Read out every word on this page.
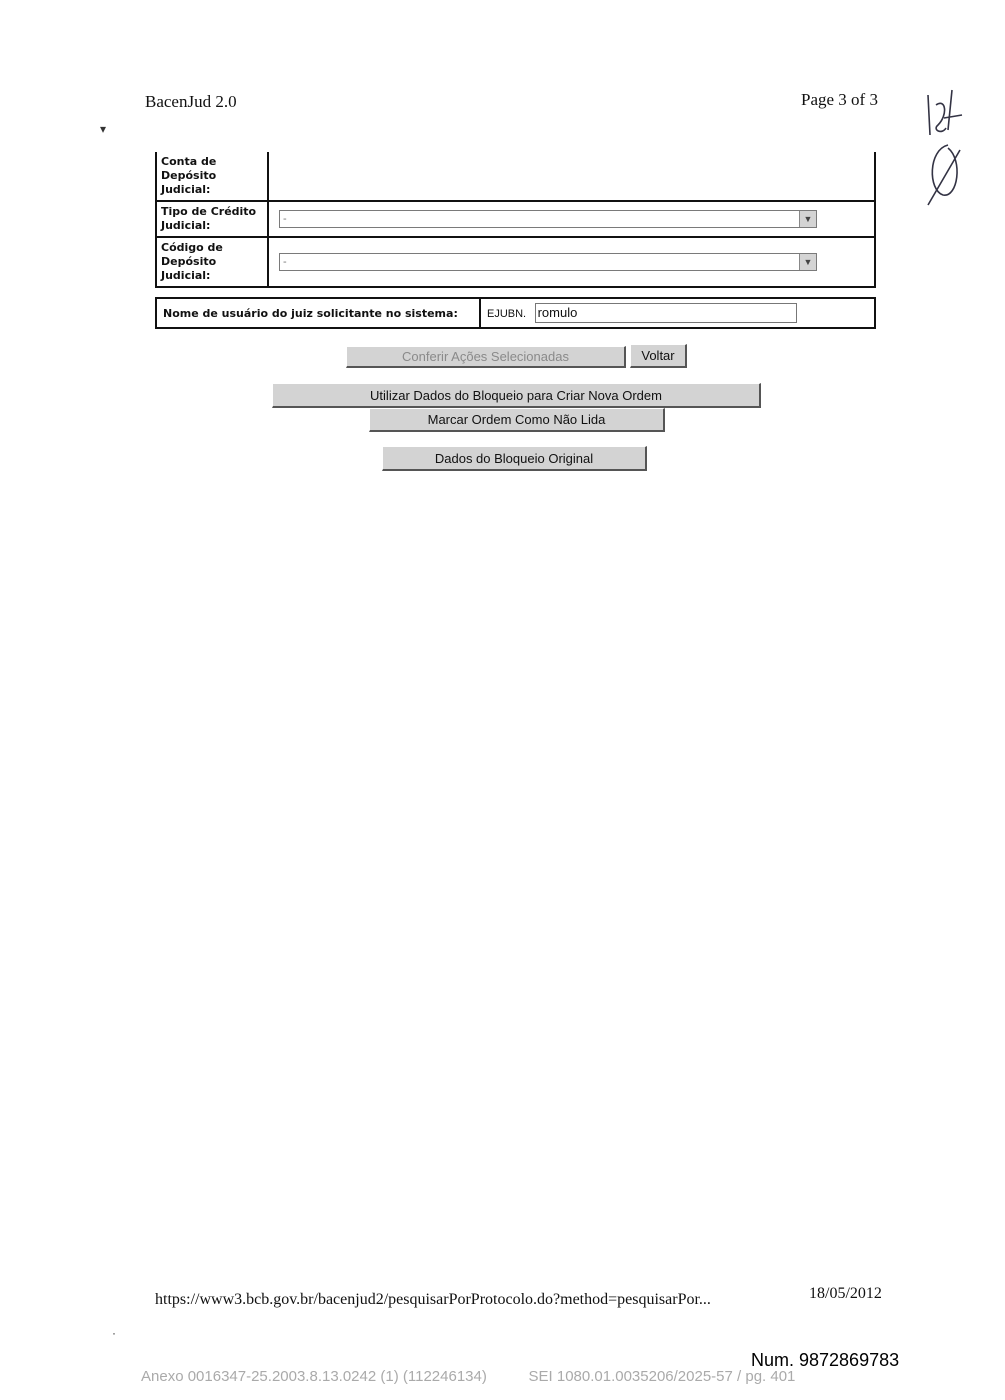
BacenJud 2.0	Page 3 of 3
▾
Conta de Depósito Judicial:	
Tipo de Crédito Judicial:	- ▼

Código de Depósito Judicial:	- ▼
Nome de usuário do juiz solicitante no sistema:	EJUBN. romulo
Conferir Ações Selecionadas	Voltar
Utilizar Dados do Bloqueio para Criar Nova Ordem
Marcar Ordem Como Não Lida
Dados do Bloqueio Original
https://www3.bcb.gov.br/bacenjud2/pesquisarPorProtocolo.do?method=pesquisarPor...	18/05/2012
·
Num. 9872869783
Anexo 0016347-25.2003.8.13.0242 (1) (112246134)          SEI 1080.01.0035206/2025-57 / pg. 401
